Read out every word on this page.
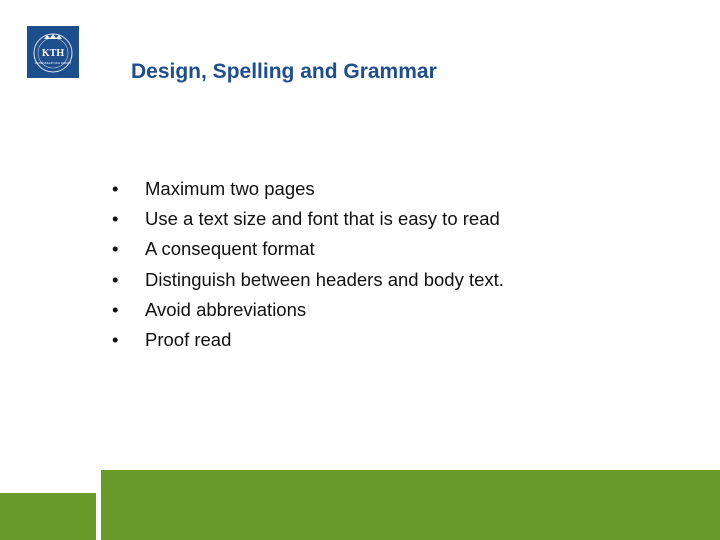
KTH
VETENSKAP OCH KONST	Design, Spelling and Grammar
•	Maximum two pages
•	Use a text size and font that is easy to read
•	A consequent format
•	Distinguish between headers and body text.
•	Avoid abbreviations
•	Proof read
